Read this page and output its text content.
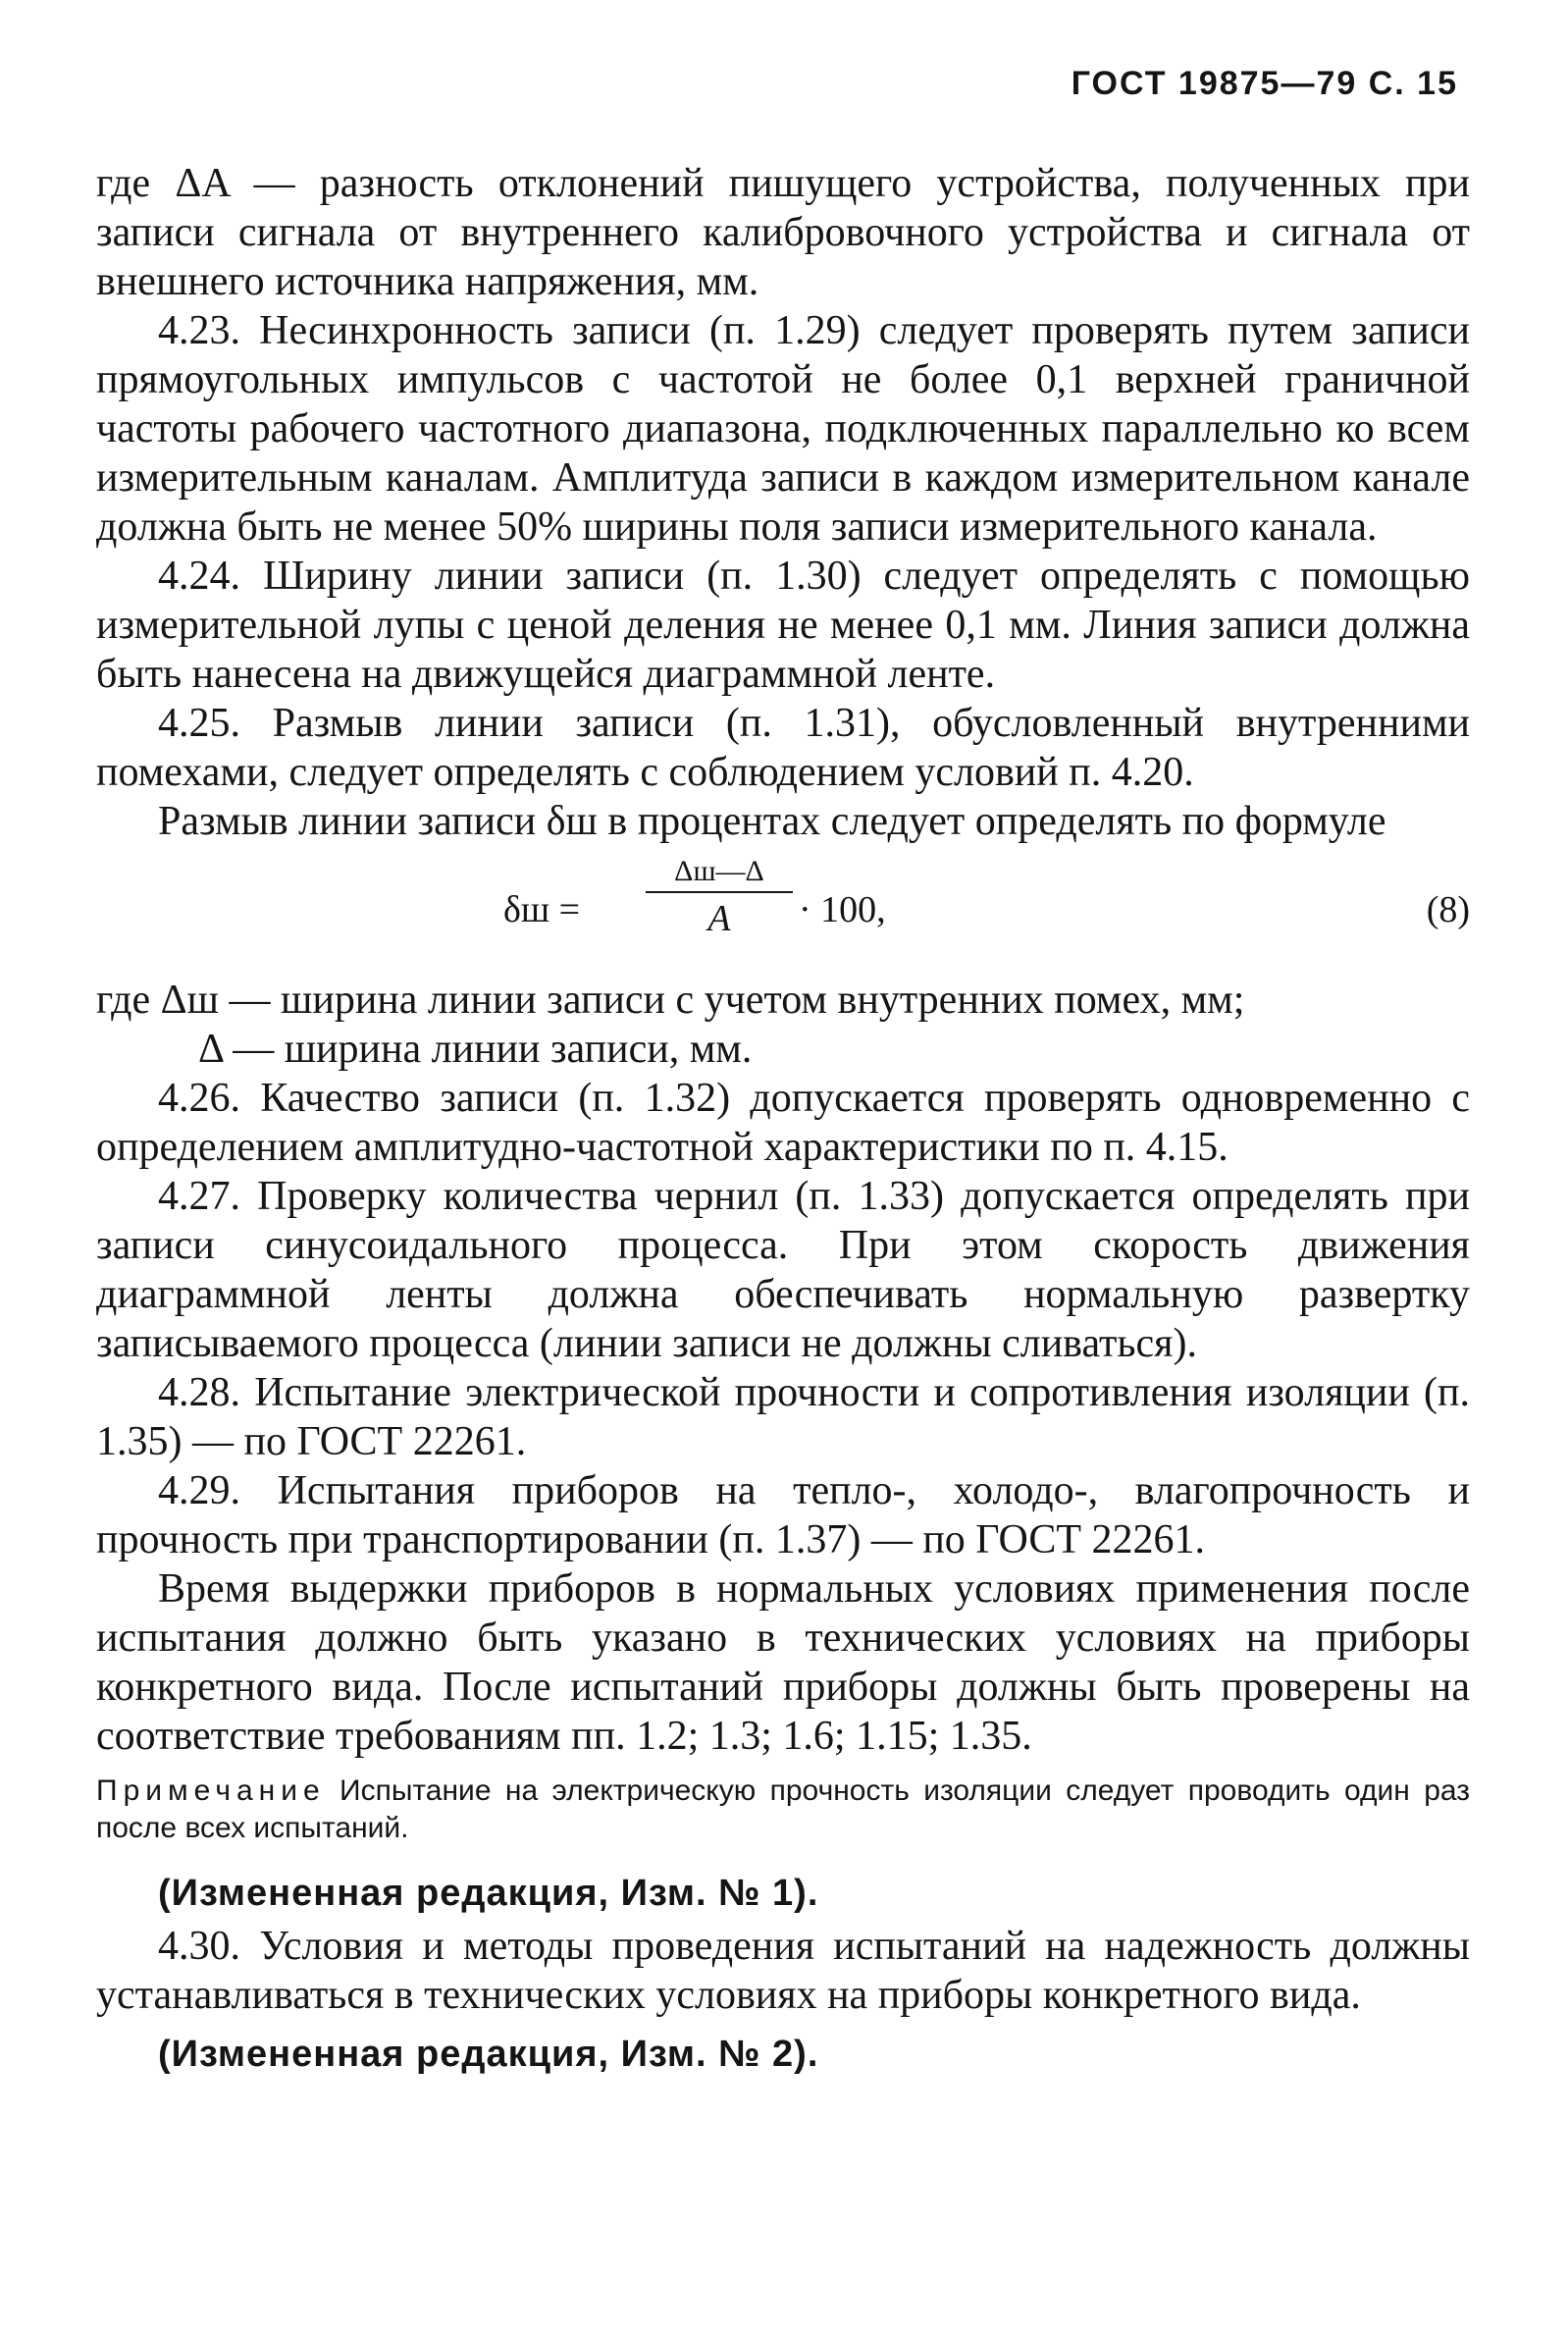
ГОСТ 19875—79 С. 15

где ΔA — разность отклонений пишущего устройства, полученных при записи сигнала от внутреннего калибровочного устройства и сигнала от внешнего источника напряжения, мм.

4.23. Несинхронность записи (п. 1.29) следует проверять путем записи прямоугольных импульсов с частотой не более 0,1 верхней граничной частоты рабочего частотного диапазона, подключенных параллельно ко всем измерительным каналам. Амплитуда записи в каждом измерительном канале должна быть не менее 50% ширины поля записи измерительного канала.

4.24. Ширину линии записи (п. 1.30) следует определять с помощью измерительной лупы с ценой деления не менее 0,1 мм. Линия записи должна быть нанесена на движущейся диаграммной ленте.

4.25. Размыв линии записи (п. 1.31), обусловленный внутренними помехами, следует определять с соблюдением условий п. 4.20.

Размыв линии записи δш в процентах следует определять по формуле

δш =
Δш—Δ
A	· 100,	(8)

где Δш — ширина линии записи с учетом внутренних помех, мм;

Δ — ширина линии записи, мм.

4.26. Качество записи (п. 1.32) допускается проверять одновременно с определением амплитудно-частотной характеристики по п. 4.15.

4.27. Проверку количества чернил (п. 1.33) допускается определять при записи синусоидального процесса. При этом скорость движения диаграммной ленты должна обеспечивать нормальную развертку записываемого процесса (линии записи не должны сливаться).

4.28. Испытание электрической прочности и сопротивления изоляции (п. 1.35) — по ГОСТ 22261.

4.29. Испытания приборов на тепло-, холодо-, влагопрочность и прочность при транспортировании (п. 1.37) — по ГОСТ 22261.

Время выдержки приборов в нормальных условиях применения после испытания должно быть указано в технических условиях на приборы конкретного вида. После испытаний приборы должны быть проверены на соответствие требованиям пп. 1.2; 1.3; 1.6; 1.15; 1.35.

Примечание Испытание на электрическую прочность изоляции следует проводить один раз после всех испытаний.

(Измененная редакция, Изм. № 1).

4.30. Условия и методы проведения испытаний на надежность должны устанавливаться в технических условиях на приборы конкретного вида.

(Измененная редакция, Изм. № 2).
